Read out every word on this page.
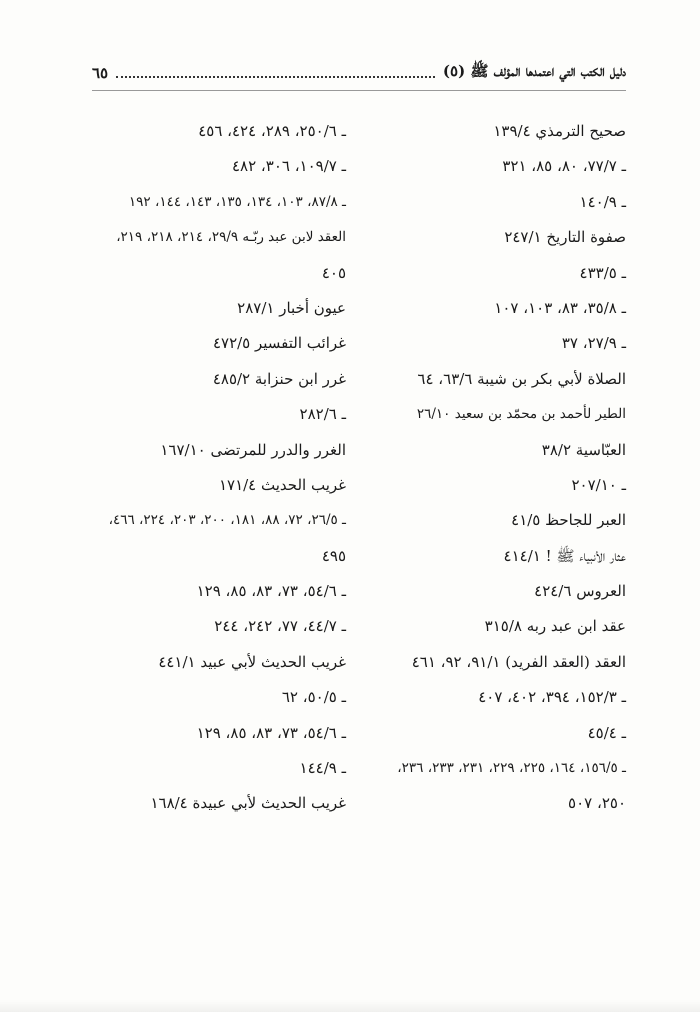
دليل الكتب التي اعتمدها المؤلف ﷺ (٥)
٦٥
صحيح الترمذي ١٣٩/٤
ـ ٧٧/٧، ٨٠، ٨٥، ٣٢١
ـ ١٤٠/٩
صفوة التاريخ ٢٤٧/١
ـ ٤٣٣/٥
ـ ٣٥/٨، ٨٣، ١٠٣، ١٠٧
ـ ٢٧/٩، ٣٧
الصلاة لأبي بكر بن شيبة ٦٣/٦، ٦٤
الطير لأحمد بن محمّد بن سعيد ٢٦/١٠
العبّاسية ٣٨/٢
ـ ٢٠٧/١٠
العبر للجاحظ ٤١/٥
عثار الأنبياء ﷺ ! ٤١٤/١
العروس ٤٢٤/٦
عقد ابن عبد ربه ٣١٥/٨
العقد (العقد الفريد) ٩١/١، ٩٢، ٤٦١
ـ ١٥٢/٣، ٣٩٤، ٤٠٢، ٤٠٧
ـ ٤٥/٤
ـ ١٥٦/٥، ١٦٤، ٢٢٥، ٢٢٩، ٢٣١، ٢٣٣، ٢٣٦،
٢٥٠، ٥٠٧
ـ ٢٥٠/٦، ٢٨٩، ٤٢٤، ٤٥٦
ـ ١٠٩/٧، ٣٠٦، ٤٨٢
ـ ٨٧/٨، ١٠٣، ١٣٤، ١٣٥، ١٤٣، ١٤٤، ١٩٢
العقد لابن عبد ربّـه ٢٩/٩، ٢١٤، ٢١٨، ٢١٩،
٤٠٥
عيون أخبار ٢٨٧/١
غرائب التفسير ٤٧٢/٥
غرر ابن حنزابة ٤٨٥/٢
ـ ٢٨٢/٦
الغرر والدرر للمرتضى ١٦٧/١٠
غريب الحديث ١٧١/٤
ـ ٢٦/٥، ٧٢، ٨٨، ١٨١، ٢٠٠، ٢٠٣، ٢٢٤، ٤٦٦،
٤٩٥
ـ ٥٤/٦، ٧٣، ٨٣، ٨٥، ١٢٩
ـ ٤٤/٧، ٧٧، ٢٤٢، ٢٤٤
غريب الحديث لأبي عبيد ٤٤١/١
ـ ٥٠/٥، ٦٢
ـ ٥٤/٦، ٧٣، ٨٣، ٨٥، ١٢٩
ـ ١٤٤/٩
غريب الحديث لأبي عبيدة ١٦٨/٤
